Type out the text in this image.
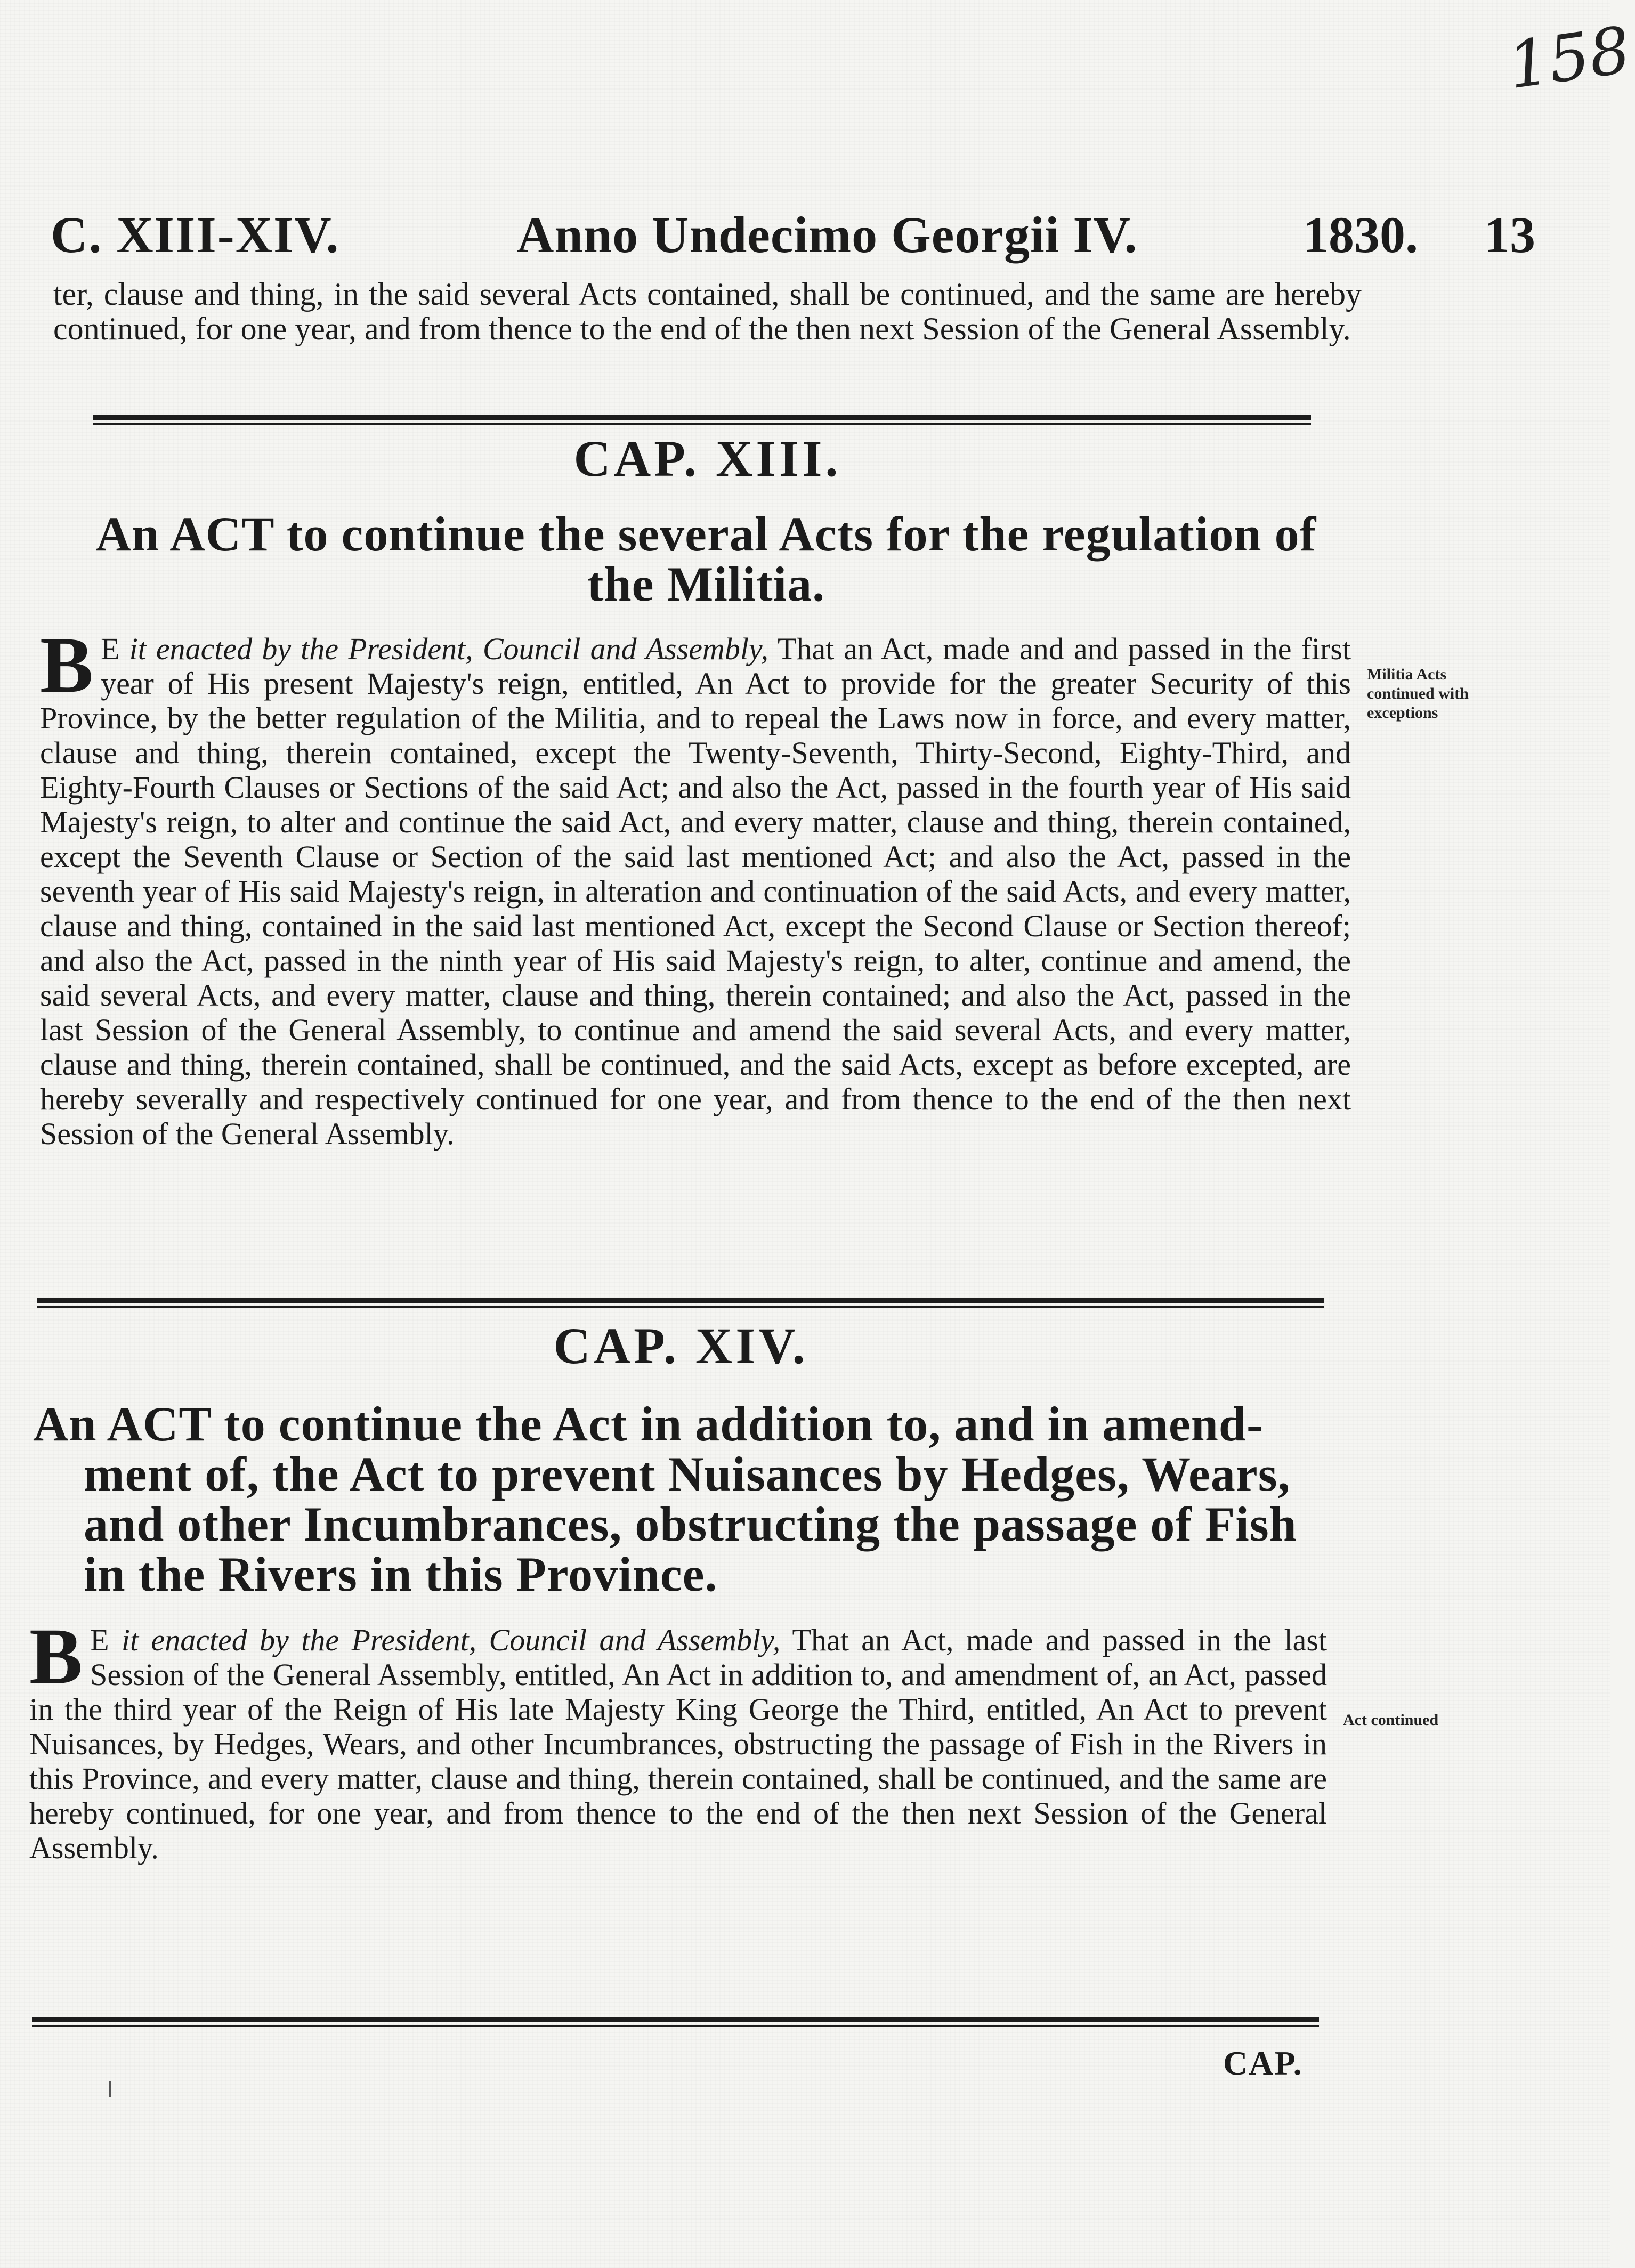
158
C. XIII-XIV.	Anno Undecimo Georgii IV.	1830. 13
ter, clause and thing, in the said several Acts contained, shall be continued, and the same are hereby continued, for one year, and from thence to the end of the then next Session of the General Assembly.
CAP. XIII.
An ACT to continue the several Acts for the regulation of
the Militia.
B E it enacted by the President, Council and Assembly, That an Act, made and and passed in the first year of His present Majesty's reign, entitled, An Act to provide for the greater Security of this Province, by the better regulation of the Militia, and to repeal the Laws now in force, and every matter, clause and thing, therein contained, except the Twenty-Seventh, Thirty-Second, Eighty-Third, and Eighty-Fourth Clauses or Sections of the said Act; and also the Act, passed in the fourth year of His said Majesty's reign, to alter and continue the said Act, and every matter, clause and thing, therein contained, except the Seventh Clause or Section of the said last mentioned Act; and also the Act, passed in the seventh year of His said Majesty's reign, in alteration and continuation of the said Acts, and every matter, clause and thing, contained in the said last mentioned Act, except the Second Clause or Section thereof; and also the Act, passed in the ninth year of His said Majesty's reign, to alter, continue and amend, the said several Acts, and every matter, clause and thing, therein contained; and also the Act, passed in the last Session of the General Assembly, to continue and amend the said several Acts, and every matter, clause and thing, therein contained, shall be continued, and the said Acts, except as before excepted, are hereby severally and respectively continued for one year, and from thence to the end of the then next Session of the General Assembly.
Militia Acts
continued with
exceptions
CAP. XIV.
An ACT to continue the Act in addition to, and in amend-
ment of, the Act to prevent Nuisances by Hedges, Wears,
and other Incumbrances, obstructing the passage of Fish
in the Rivers in this Province.
B E it enacted by the President, Council and Assembly, That an Act, made and passed in the last Session of the General Assembly, entitled, An Act in addition to, and amendment of, an Act, passed in the third year of the Reign of His late Majesty King George the Third, entitled, An Act to prevent Nuisances, by Hedges, Wears, and other Incumbrances, obstructing the passage of Fish in the Rivers in this Province, and every matter, clause and thing, therein contained, shall be continued, and the same are hereby continued, for one year, and from thence to the end of the then next Session of the General Assembly.
Act continued
CAP.
